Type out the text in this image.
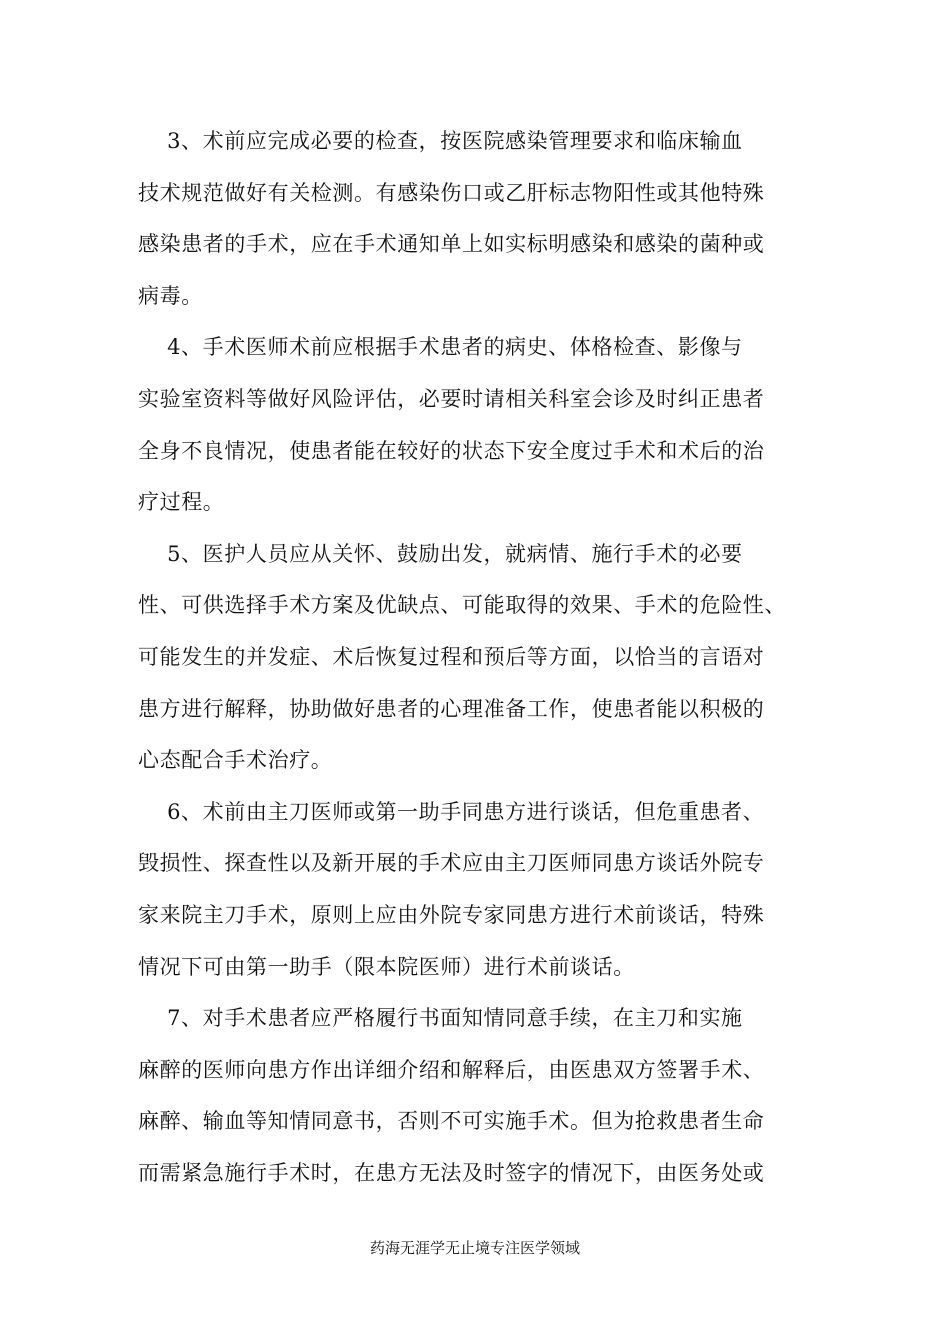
3、术前应完成必要的检查，按医院感染管理要求和临床输血
技术规范做好有关检测。有感染伤口或乙肝标志物阳性或其他特殊
感染患者的手术，应在手术通知单上如实标明感染和感染的菌种或
病毒。
4、手术医师术前应根据手术患者的病史、体格检查、影像与
实验室资料等做好风险评估，必要时请相关科室会诊及时纠正患者
全身不良情况，使患者能在较好的状态下安全度过手术和术后的治
疗过程。
5、医护人员应从关怀、鼓励出发，就病情、施行手术的必要
性、可供选择手术方案及优缺点、可能取得的效果、手术的危险性、
可能发生的并发症、术后恢复过程和预后等方面，以恰当的言语对
患方进行解释，协助做好患者的心理准备工作，使患者能以积极的
心态配合手术治疗。
6、术前由主刀医师或第一助手同患方进行谈话，但危重患者、
毁损性、探查性以及新开展的手术应由主刀医师同患方谈话外院专
家来院主刀手术，原则上应由外院专家同患方进行术前谈话，特殊
情况下可由第一助手（限本院医师）进行术前谈话。
7、对手术患者应严格履行书面知情同意手续，在主刀和实施
麻醉的医师向患方作出详细介绍和解释后，由医患双方签署手术、
麻醉、输血等知情同意书，否则不可实施手术。但为抢救患者生命
而需紧急施行手术时，在患方无法及时签字的情况下，由医务处或
药海无涯学无止境专注医学领域
